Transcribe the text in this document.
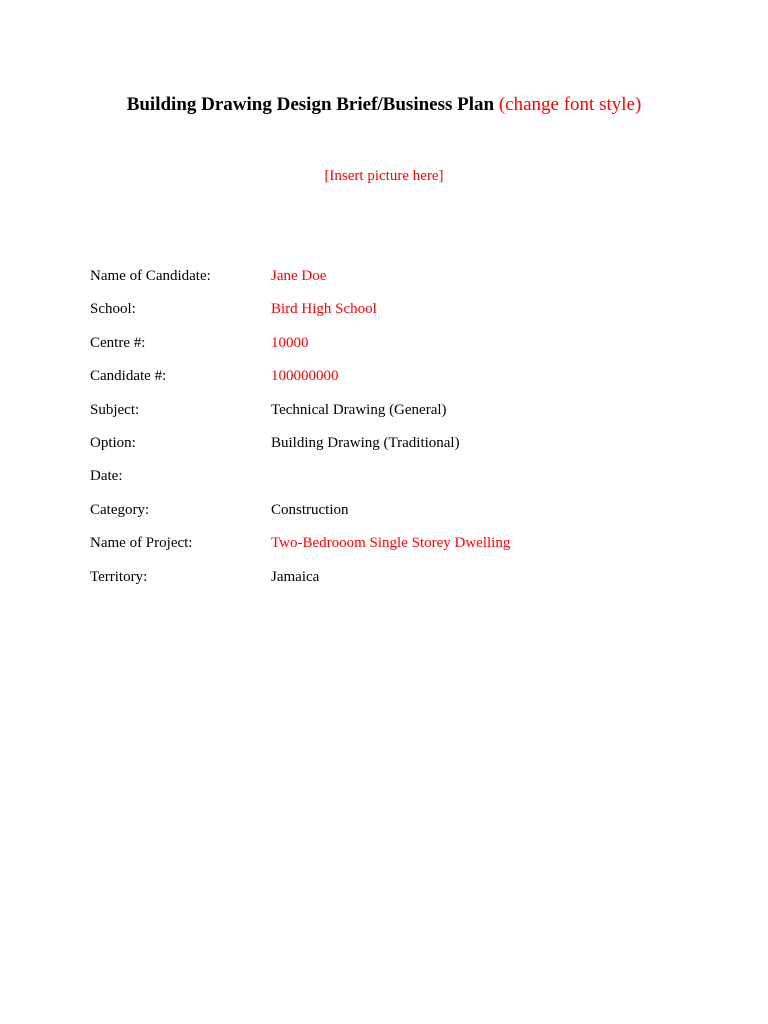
Building Drawing Design Brief/Business Plan (change font style)
[Insert picture here]
Name of Candidate:	Jane Doe
School:	Bird High School
Centre #:	10000
Candidate #:	100000000
Subject:	Technical Drawing (General)
Option:	Building Drawing (Traditional)
Date:
Category:	Construction
Name of Project:	Two-Bedrooom Single Storey Dwelling
Territory:	Jamaica
